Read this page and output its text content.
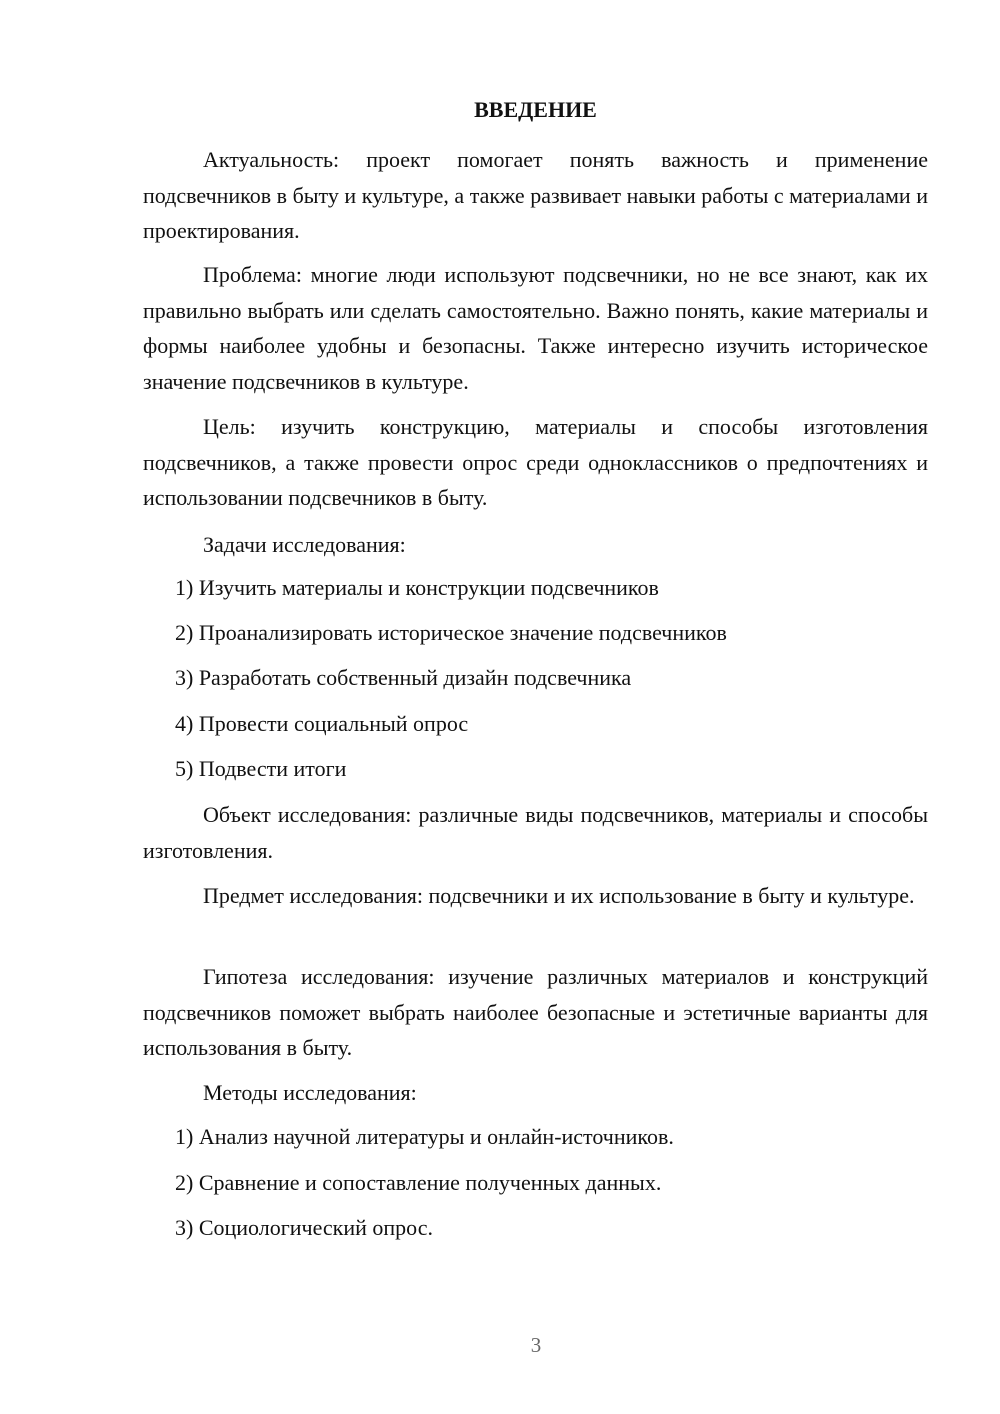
ВВЕДЕНИЕ

Актуальность: проект помогает понять важность и применение подсвечников в быту и культуре, а также развивает навыки работы с материалами и проектирования.

Проблема: многие люди используют подсвечники, но не все знают, как их правильно выбрать или сделать самостоятельно. Важно понять, какие материалы и формы наиболее удобны и безопасны. Также интересно изучить историческое значение подсвечников в культуре.

Цель: изучить конструкцию, материалы и способы изготовления подсвечников, а также провести опрос среди одноклассников о предпочтениях и использовании подсвечников в быту.

Задачи исследования:

1) Изучить материалы и конструкции подсвечников

2) Проанализировать историческое значение подсвечников

3) Разработать собственный дизайн подсвечника

4) Провести социальный опрос

5) Подвести итоги

Объект исследования: различные виды подсвечников, материалы и способы изготовления.

Предмет исследования: подсвечники и их использование в быту и культуре.

Гипотеза исследования: изучение различных материалов и конструкций подсвечников поможет выбрать наиболее безопасные и эстетичные варианты для использования в быту.

Методы исследования:

1) Анализ научной литературы и онлайн-источников.

2) Сравнение и сопоставление полученных данных.

3) Социологический опрос.

3
